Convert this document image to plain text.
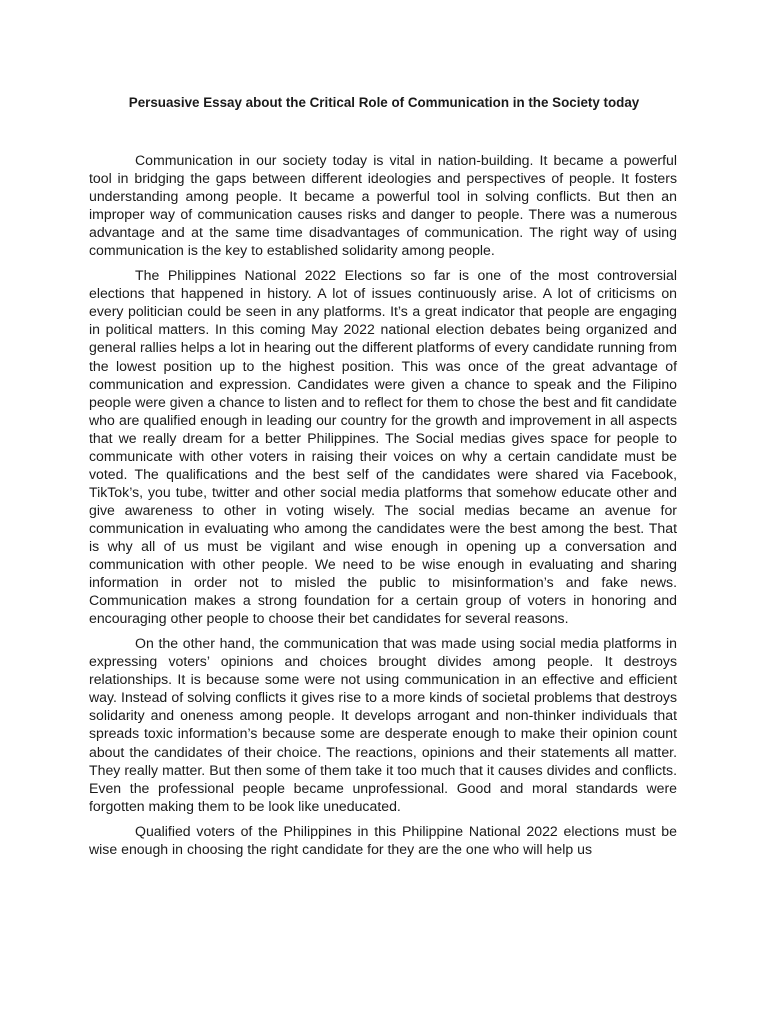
Persuasive Essay about the Critical Role of Communication in the Society today

Communication in our society today is vital in nation-building. It became a powerful tool in bridging the gaps between different ideologies and perspectives of people. It fosters understanding among people. It became a powerful tool in solving conflicts. But then an improper way of communication causes risks and danger to people. There was a numerous advantage and at the same time disadvantages of communication. The right way of using communication is the key to established solidarity among people.

The Philippines National 2022 Elections so far is one of the most controversial elections that happened in history. A lot of issues continuously arise. A lot of criticisms on every politician could be seen in any platforms. It’s a great indicator that people are engaging in political matters. In this coming May 2022 national election debates being organized and general rallies helps a lot in hearing out the different platforms of every candidate running from the lowest position up to the highest position. This was once of the great advantage of communication and expression. Candidates were given a chance to speak and the Filipino people were given a chance to listen and to reflect for them to chose the best and fit candidate who are qualified enough in leading our country for the growth and improvement in all aspects that we really dream for a better Philippines. The Social medias gives space for people to communicate with other voters in raising their voices on why a certain candidate must be voted. The qualifications and the best self of the candidates were shared via Facebook, TikTok’s, you tube, twitter and other social media platforms that somehow educate other and give awareness to other in voting wisely. The social medias became an avenue for communication in evaluating who among the candidates were the best among the best. That is why all of us must be vigilant and wise enough in opening up a conversation and communication with other people. We need to be wise enough in evaluating and sharing information in order not to misled the public to misinformation’s and fake news. Communication makes a strong foundation for a certain group of voters in honoring and encouraging other people to choose their bet candidates for several reasons.

On the other hand, the communication that was made using social media platforms in expressing voters’ opinions and choices brought divides among people. It destroys relationships. It is because some were not using communication in an effective and efficient way. Instead of solving conflicts it gives rise to a more kinds of societal problems that destroys solidarity and oneness among people. It develops arrogant and non-thinker individuals that spreads toxic information’s because some are desperate enough to make their opinion count about the candidates of their choice. The reactions, opinions and their statements all matter. They really matter. But then some of them take it too much that it causes divides and conflicts. Even the professional people became unprofessional. Good and moral standards were forgotten making them to be look like uneducated.

Qualified voters of the Philippines in this Philippine National 2022 elections must be wise enough in choosing the right candidate for they are the one who will help us
